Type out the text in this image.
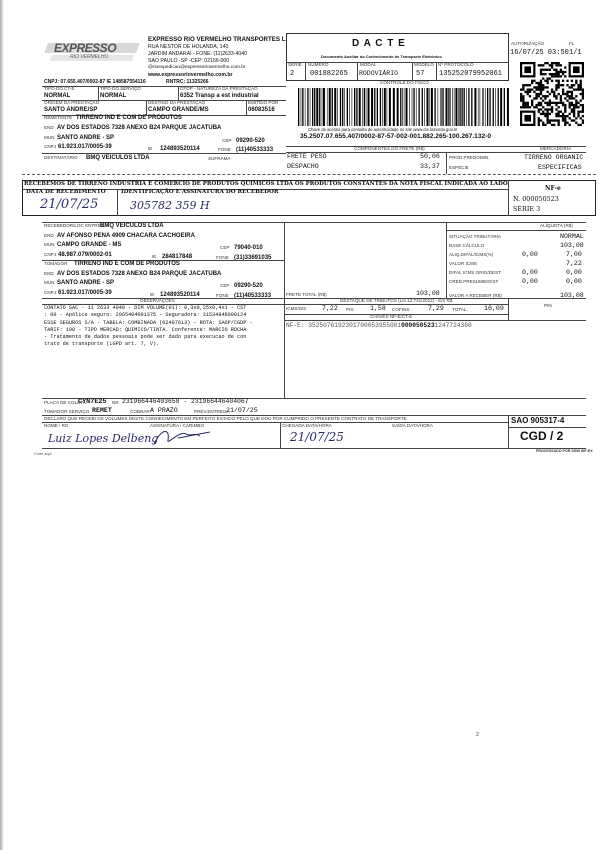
EXPRESSO
RIO VERMELHO
EXPRESSO RIO VERMELHO TRANSPORTES L
RUA NESTOR DE HOLANDA, 140
JARDIM ANDARAI - FONE: (11)2633-4040
SAO PAULO -SP -CEP: 02166-000
@rioexpedicao@expressoriovermelho.com.br
www.expressoriovermelho.com.br
CNPJ: 07.655.407/0002-87 IE 148587554116	RNTRC: 11325266
D A C T E
Documento Auxiliar do Conhecimento de Transporte Eletrônico
SÉRIE
2
NÚMERO
001882265
MODAL
RODOVIÁRIO
MODELO
57
Nº PROTOCOLO
135252079952061
AUTORIZAÇÃO	FL
16/07/25 03:50 1/1
CONTROLE DO FISCO
Chave de acesso para consulta de autenticidade no site www.cte.fazenda.gov.br
35.2507.07.655.407/0002-87-57-002-001.882.265-100.267.132-0
TIPO DO CT-E
NORMAL
TIPO DO SERVIÇO
NORMAL
CFOP - NATUREZA DA PRESTAÇÃO
6352 Transp a est industrial
ORIGEM DA PRESTAÇÃO
SANTO ANDRE/SP
DESTINO DA PRESTAÇÃO
CAMPO GRANDE/MS
EMITIDO POR
06083516
REMETENTE TIRRENO IND E COM DE PRODUTOS
END AV DOS ESTADOS 7328 ANEXO B24 PARQUE JACATUBA
MUN SANTO ANDRE - SP	CEP 09290-520
CNPJ 61.923.017/0005-39	IE 124893520114	FONE (11)40533333
DESTINATÁRIO BMQ VEICULOS LTDA	SUFRAMA
COMPONENTES DO FRETE (R$)	MERCADORIA
FRETE PESO	50,06
DESPACHO	33,37
PROD.PREDOMIN.	TIRRENO ORGANIC
ESPÉCIE	ESPECIFICAS
RECEBEMOS DE TIRRENO INDUSTRIA E COMERCIO DE PRODUTOS QUIMICOS LTDA OS PRODUTOS CONSTANTES DA NOTA FISCAL INDICADA AO LADO
DATA DE RECEBIMENTO	IDENTIFICAÇÃO E ASSINATURA DO RECEBEDOR
21/07/25	305782 359 H
NF-e
N. 000050523
SÉRIE 3
RECEBEDOR/LOC ENTREGA
BMQ VEICULOS LTDA
END AV AFONSO PENA 4909 CHACARA CACHOEIRA
MUN CAMPO GRANDE - MS	CEP 79040-010
CNPJ 48.987.079/0002-01	IE 284817848	FONE (31)33691035
TOMADOR TIRRENO IND E COM DE PRODUTOS
END AV DOS ESTADOS 7328 ANEXO B24 PARQUE JACATUBA
MUN SANTO ANDRE - SP	CEP 09290-520
CNPJ 61.923.017/0005-39	IE 124893520114	FONE (11)40533333
ALÍQUOTA (R$)
SITUAÇÃO TRIBUTÁRIA	NORMAL
BASE CÁLCULO	103,08
ALIQ.DIFAL/ICMS(%)	0,00	7,00
VALOR ICMS	7,22
DIFAL ICMS ORIG/DEST	0,00	0,00
CRED.PRESUMIDO/ST	0,00	0,00
FRETE TOTAL (R$)	103,08 VALOR A RECEBER (R$)	103,08
OBSERVAÇÕES
CONTATO SAC - 11 2633 4040 - DIM VOLUME(01): 0,3x0,25x0,4x1 - CST
: 00 - Apólice seguro: 2065404001375 - Seguradora: 31534848000124
ESSE SEGUROS S/A - TABELA: COMBINADA (02407613) - ROTA: SAOP/CGDP -
TARIF: 100 - TIPO MERCAD: QUIMICO/TINTA. Conferente: MARCIO ROCHA
- Tratamento de dados pessoais pode ser dado para execucao de con
trato de transporte (LGPD art. 7, V).
DESTAQUE DE TRIBUTOS (Lei 12.741/2012) - Em R$
PIN
ICMS/ISS 7,22 PIS: 1,58 COFINS:	7,29 TOTAL: 16,09
CHAVES NF-E/CT-E
NF-E: 35250761923017000539550010000505231247724360
PLACA DE COLETA
CYN7E25 NR 231966446403658 - 231966446404067
TOMADOR SERVIÇO REMET	COBRAR A PRAZO	PREV.ENTREGA
21/07/25
DECLARO QUE RECEBI OS VOLUMES DESTE CONHECIMENTO EM PERFEITO ESTADO PELO QUE DOU POR CUMPRIDO O PRESENTE CONTRATO DE TRANSPORTE
NOME / RG	ASSINATURA / CARIMBO	CHEGADA DATA/HORA	SAÍDA DATA/HORA
Luiz Lopes Delbeng	21/07/25
SAO 905317-4
CGD / 2
Corte aqui
PROCESSADO POR SGW INF-EX
2
